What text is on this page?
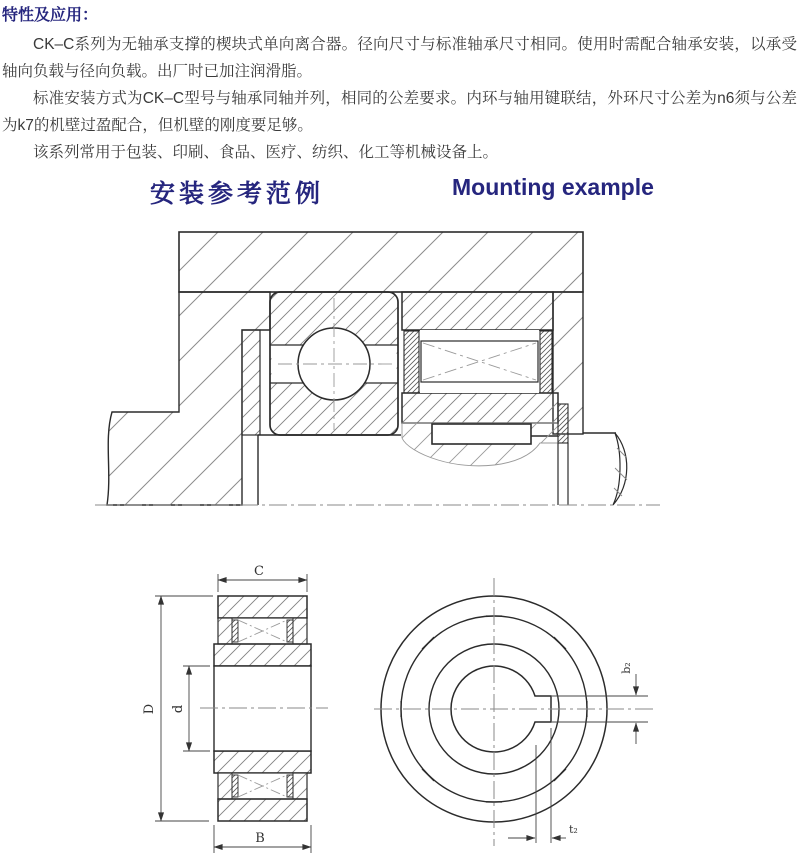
特性及应用：

CK–C系列为无轴承支撑的楔块式单向离合器。径向尺寸与标准轴承尺寸相同。使用时需配合轴承安装，以承受轴向负载与径向负载。出厂时已加注润滑脂。

标准安装方式为CK–C型号与轴承同轴并列，相同的公差要求。内环与轴用键联结，外环尺寸公差为n6须与公差为k7的机壁过盈配合，但机壁的刚度要足够。

该系列常用于包装、印刷、食品、医疗、纺织、化工等机械设备上。

安装参考范例	Mounting example
C
D d
B
b₂
t₂
